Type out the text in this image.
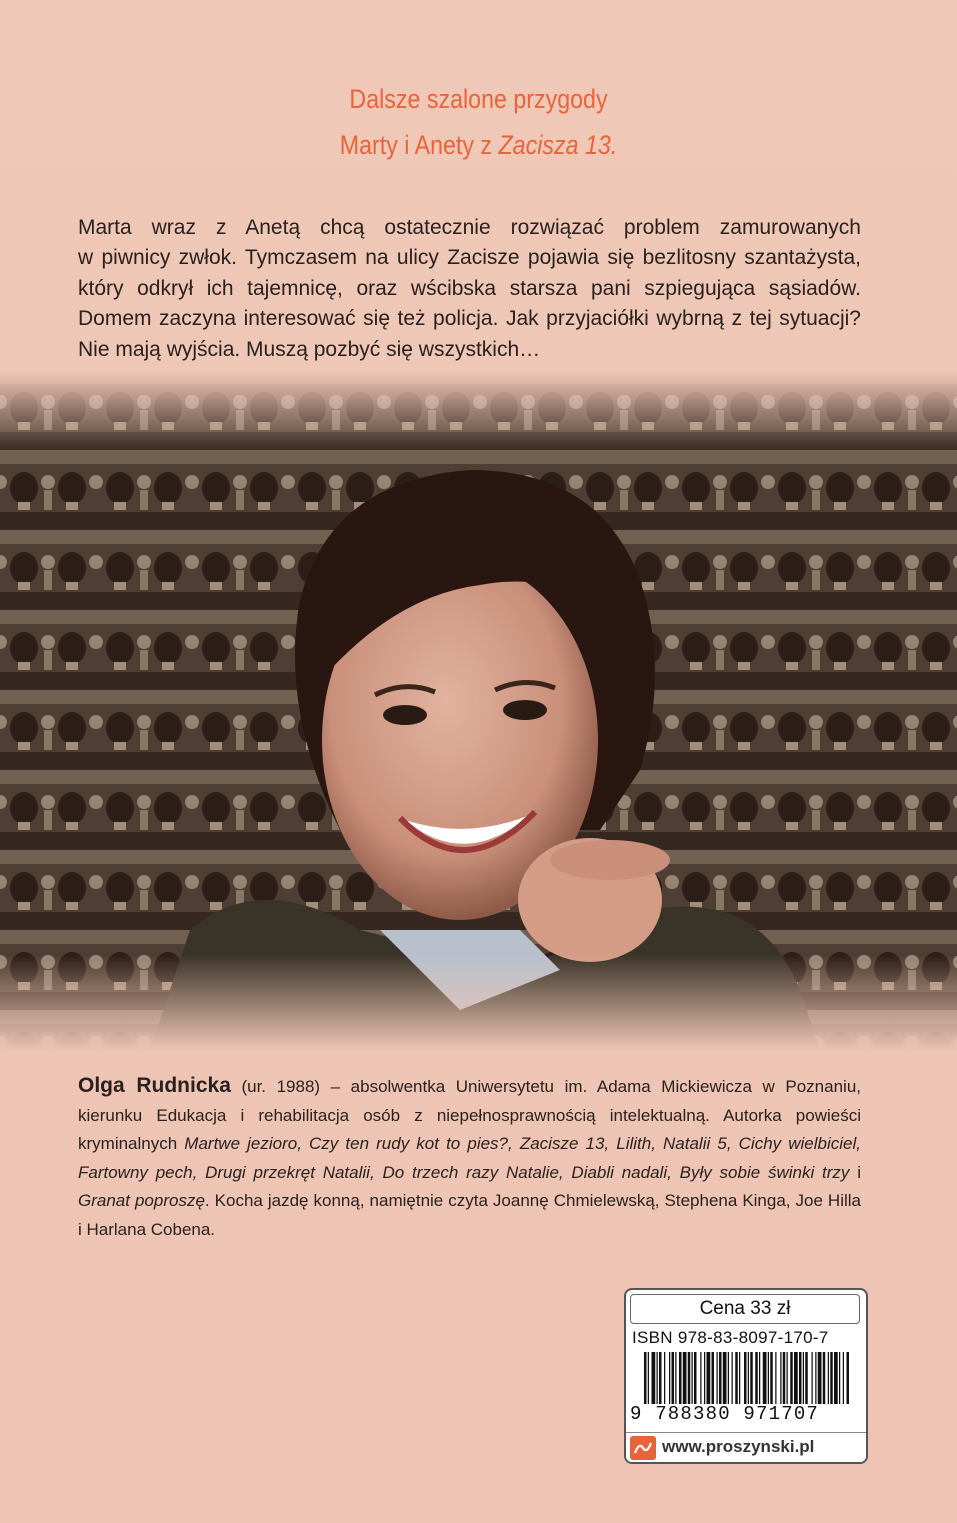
Dalsze szalone przygody
Marty i Anety z Zacisza 13.

Marta wraz z Anetą chcą ostatecznie rozwiązać problem zamurowanych

w piwnicy zwłok. Tymczasem na ulicy Zacisze pojawia się bezlitosny szantażysta,

który odkrył ich tajemnicę, oraz wścibska starsza pani szpiegująca sąsiadów.

Domem zaczyna interesować się też policja. Jak przyjaciółki wybrną z tej sytuacji?

Nie mają wyjścia. Muszą pozbyć się wszystkich…

Olga Rudnicka (ur. 1988) – absolwentka Uniwersytetu im. Adama Mickiewicza w Poznaniu, kierunku Edukacja i rehabilitacja osób z niepełnosprawnością intelektualną. Autorka powieści kryminalnych Martwe jezioro, Czy ten rudy kot to pies?, Zacisze 13, Lilith, Natalii 5, Cichy wielbiciel, Fartowny pech, Drugi przekręt Natalii, Do trzech razy Natalie, Diabli nadali, Były sobie świnki trzy i Granat poproszę. Kocha jazdę konną, namiętnie czyta Joannę Chmielewską, Stephena Kinga, Joe Hilla i Harlana Cobena.
Cena 33 zł
ISBN 978-83-8097-170-7
9 788380 971707
www.proszynski.pl
